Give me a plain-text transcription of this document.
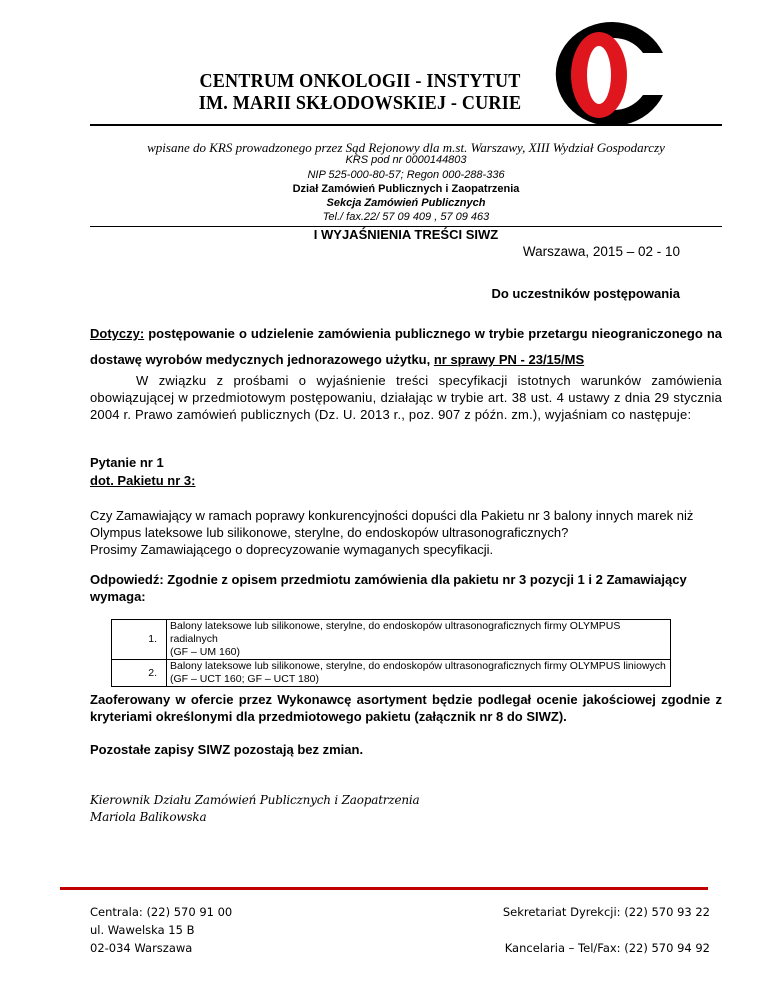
CENTRUM ONKOLOGII - INSTYTUT
IM. MARII SKŁODOWSKIEJ - CURIE
wpisane do KRS prowadzonego przez Sąd Rejonowy dla m.st. Warszawy, XIII Wydział Gospodarczy
KRS pod nr 0000144803
NIP 525-000-80-57; Regon 000-288-336
Dział Zamówień Publicznych i Zaopatrzenia
Sekcja Zamówień Publicznych
Tel./ fax.22/ 57 09 409 , 57 09 463
I WYJAŚNIENIA TREŚCI SIWZ
Warszawa, 2015 – 02 - 10
Do uczestników postępowania
Dotyczy: postępowanie o udzielenie zamówienia publicznego w trybie przetargu nieograniczonego na dostawę wyrobów medycznych jednorazowego użytku, nr sprawy PN - 23/15/MS
W związku z prośbami o wyjaśnienie treści specyfikacji istotnych warunków zamówienia obowiązującej w przedmiotowym postępowaniu, działając w trybie art. 38 ust. 4 ustawy z dnia 29 stycznia 2004 r. Prawo zamówień publicznych (Dz. U. 2013 r., poz. 907 z późn. zm.), wyjaśniam co następuje:
Pytanie nr 1
dot. Pakietu nr 3:
Czy Zamawiający w ramach poprawy konkurencyjności dopuści dla Pakietu nr 3 balony innych marek niż
Olympus lateksowe lub silikonowe, sterylne, do endoskopów ultrasonograficznych?
Prosimy Zamawiającego o doprecyzowanie wymaganych specyfikacji.
Odpowiedź: Zgodnie z opisem przedmiotu zamówienia dla pakietu nr 3 pozycji 1 i 2 Zamawiający wymaga:
1.	Balony lateksowe lub silikonowe, sterylne, do endoskopów ultrasonograficznych firmy OLYMPUS radialnych
(GF – UM 160)

2.	Balony lateksowe lub silikonowe, sterylne, do endoskopów ultrasonograficznych firmy OLYMPUS liniowych
(GF – UCT 160; GF – UCT 180)
Zaoferowany w ofercie przez Wykonawcę asortyment będzie podlegał ocenie jakościowej zgodnie z kryteriami określonymi dla przedmiotowego pakietu (załącznik nr 8 do SIWZ).
Pozostałe zapisy SIWZ pozostają bez zmian.
Kierownik Działu Zamówień Publicznych i Zaopatrzenia
Mariola Balikowska
Centrala: (22) 570 91 00
ul. Wawelska 15 B
02-034 Warszawa
Sekretariat Dyrekcji: (22) 570 93 22
Kancelaria – Tel/Fax: (22) 570 94 92
